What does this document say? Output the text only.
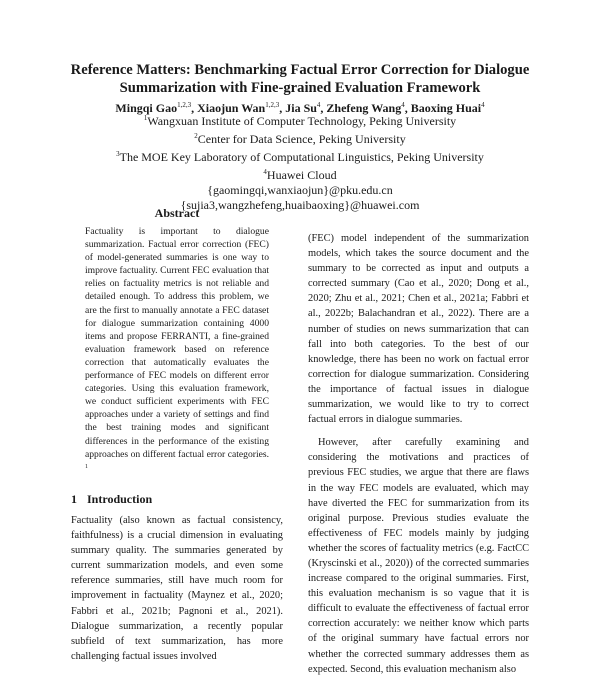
Reference Matters: Benchmarking Factual Error Correction for Dialogue
Summarization with Fine-grained Evaluation Framework
Mingqi Gao$^{1,2,3}$, Xiaojun Wan$^{1,2,3}$, Jia Su$^4$, Zhefeng Wang$^4$, Baoxing Huai$^4$
$^1$Wangxuan Institute of Computer Technology, Peking University
$^2$Center for Data Science, Peking University
$^3$The MOE Key Laboratory of Computational Linguistics, Peking University
$^4$Huawei Cloud
{gaomingqi,wanxiaojun}@pku.edu.cn
{sujia3,wangzhefeng,huaibaoxing}@huawei.com
Abstract

Factuality is important to dialogue summarization. Factual error correction (FEC) of model-generated summaries is one way to improve factuality. Current FEC evaluation that relies on factuality metrics is not reliable and detailed enough. To address this problem, we are the first to manually annotate a FEC dataset for dialogue summarization containing 4000 items and propose FERRANTI, a fine-grained evaluation framework based on reference correction that automatically evaluates the performance of FEC models on different error categories. Using this evaluation framework, we conduct sufficient experiments with FEC approaches under a variety of settings and find the best training modes and significant differences in the performance of the existing approaches on different factual error categories. $^1$

1 Introduction

Factuality (also known as factual consistency, faithfulness) is a crucial dimension in evaluating summary quality. The summaries generated by current summarization models, and even some reference summaries, still have much room for improvement in factuality (Maynez et al., 2020; Fabbri et al., 2021b; Pagnoni et al., 2021). Dialogue summarization, a recently popular subfield of text summarization, has more challenging factual issues involved

(FEC) model independent of the summarization models, which takes the source document and the summary to be corrected as input and outputs a corrected summary (Cao et al., 2020; Dong et al., 2020; Zhu et al., 2021; Chen et al., 2021a; Fabbri et al., 2022b; Balachandran et al., 2022). There are a number of studies on news summarization that can fall into both categories. To the best of our knowledge, there has been no work on factual error correction for dialogue summarization. Considering the importance of factual issues in dialogue summarization, we would like to try to correct factual errors in dialogue summaries.

However, after carefully examining and considering the motivations and practices of previous FEC studies, we argue that there are flaws in the way FEC models are evaluated, which may have diverted the FEC for summarization from its original purpose. Previous studies evaluate the effectiveness of FEC models mainly by judging whether the scores of factuality metrics (e.g. FactCC (Kryscinski et al., 2020)) of the corrected summaries increase compared to the original summaries. First, this evaluation mechanism is so vague that it is difficult to evaluate the effectiveness of factual error correction accurately: we neither know which parts of the original summary have factual errors nor whether the corrected summary addresses them as expected. Second, this evaluation mechanism also
